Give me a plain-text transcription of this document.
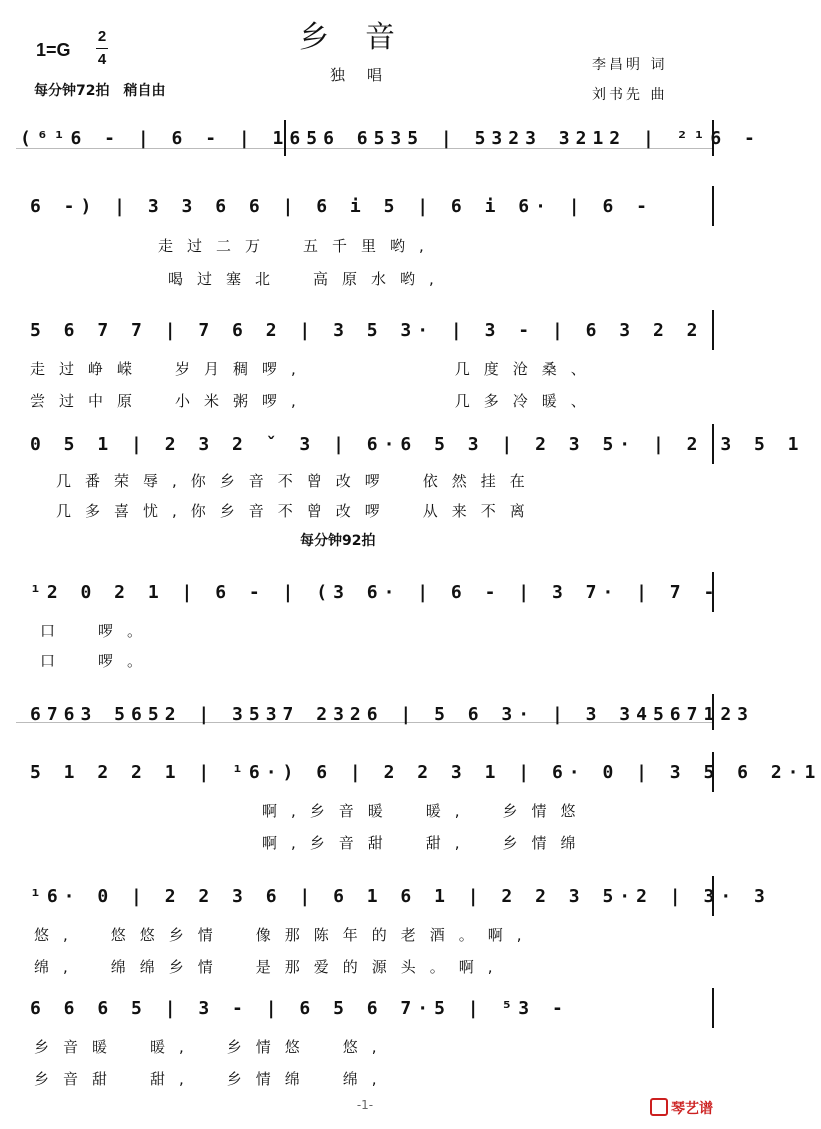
乡音
独唱
1=G
2
4
每分钟72拍　稍自由
李昌明 词
刘书先 曲
(⁶¹6 - | 6 - | 1656 6535 | 5323 3212 | ²¹6 -
6 -) | 3 3 6 6 | 6 i 5 | 6 i 6· | 6 -
走过二万　五千里哟,
喝过塞北　高原水哟,
5 6 7 7 | 7 6 2 | 3 5 3· | 3 - | 6 3 2 2
走过峥嵘　岁月稠啰,　　　　　几度沧桑、
尝过中原　小米粥啰,　　　　　几多冷暖、
0 5 1 | 2 3 2 ˇ 3 | 6·6 5 3 | 2 3 5· | 2 3 5 1
几番荣辱,你乡音不曾改啰　依然挂在
几多喜忧,你乡音不曾改啰　从来不离
每分钟92拍
¹2 0 2 1 | 6 - | (3 6· | 6 - | 3 7· | 7 -
口　啰。
口　啰。
6763 5652 | 3537 2326 | 5 6 3· | 3 34567123
5 1 2 2 1 | ¹6·) 6 | 2 2 3 1 | 6· 0 | 3 5 6 2·1
啊,乡音暖　暖,　乡情悠
啊,乡音甜　甜,　乡情绵
¹6· 0 | 2 2 3 6 | 6 1 6 1 | 2 2 3 5·2 | 3· 3
悠,　悠悠乡情　像那陈年的老酒。啊,
绵,　绵绵乡情　是那爱的源头。啊,
6 6 6 5 | 3 - | 6 5 6 7·5 | ⁵3 -
乡音暖　暖,　乡情悠　悠,
乡音甜　甜,　乡情绵　绵,
-1-	琴艺谱
